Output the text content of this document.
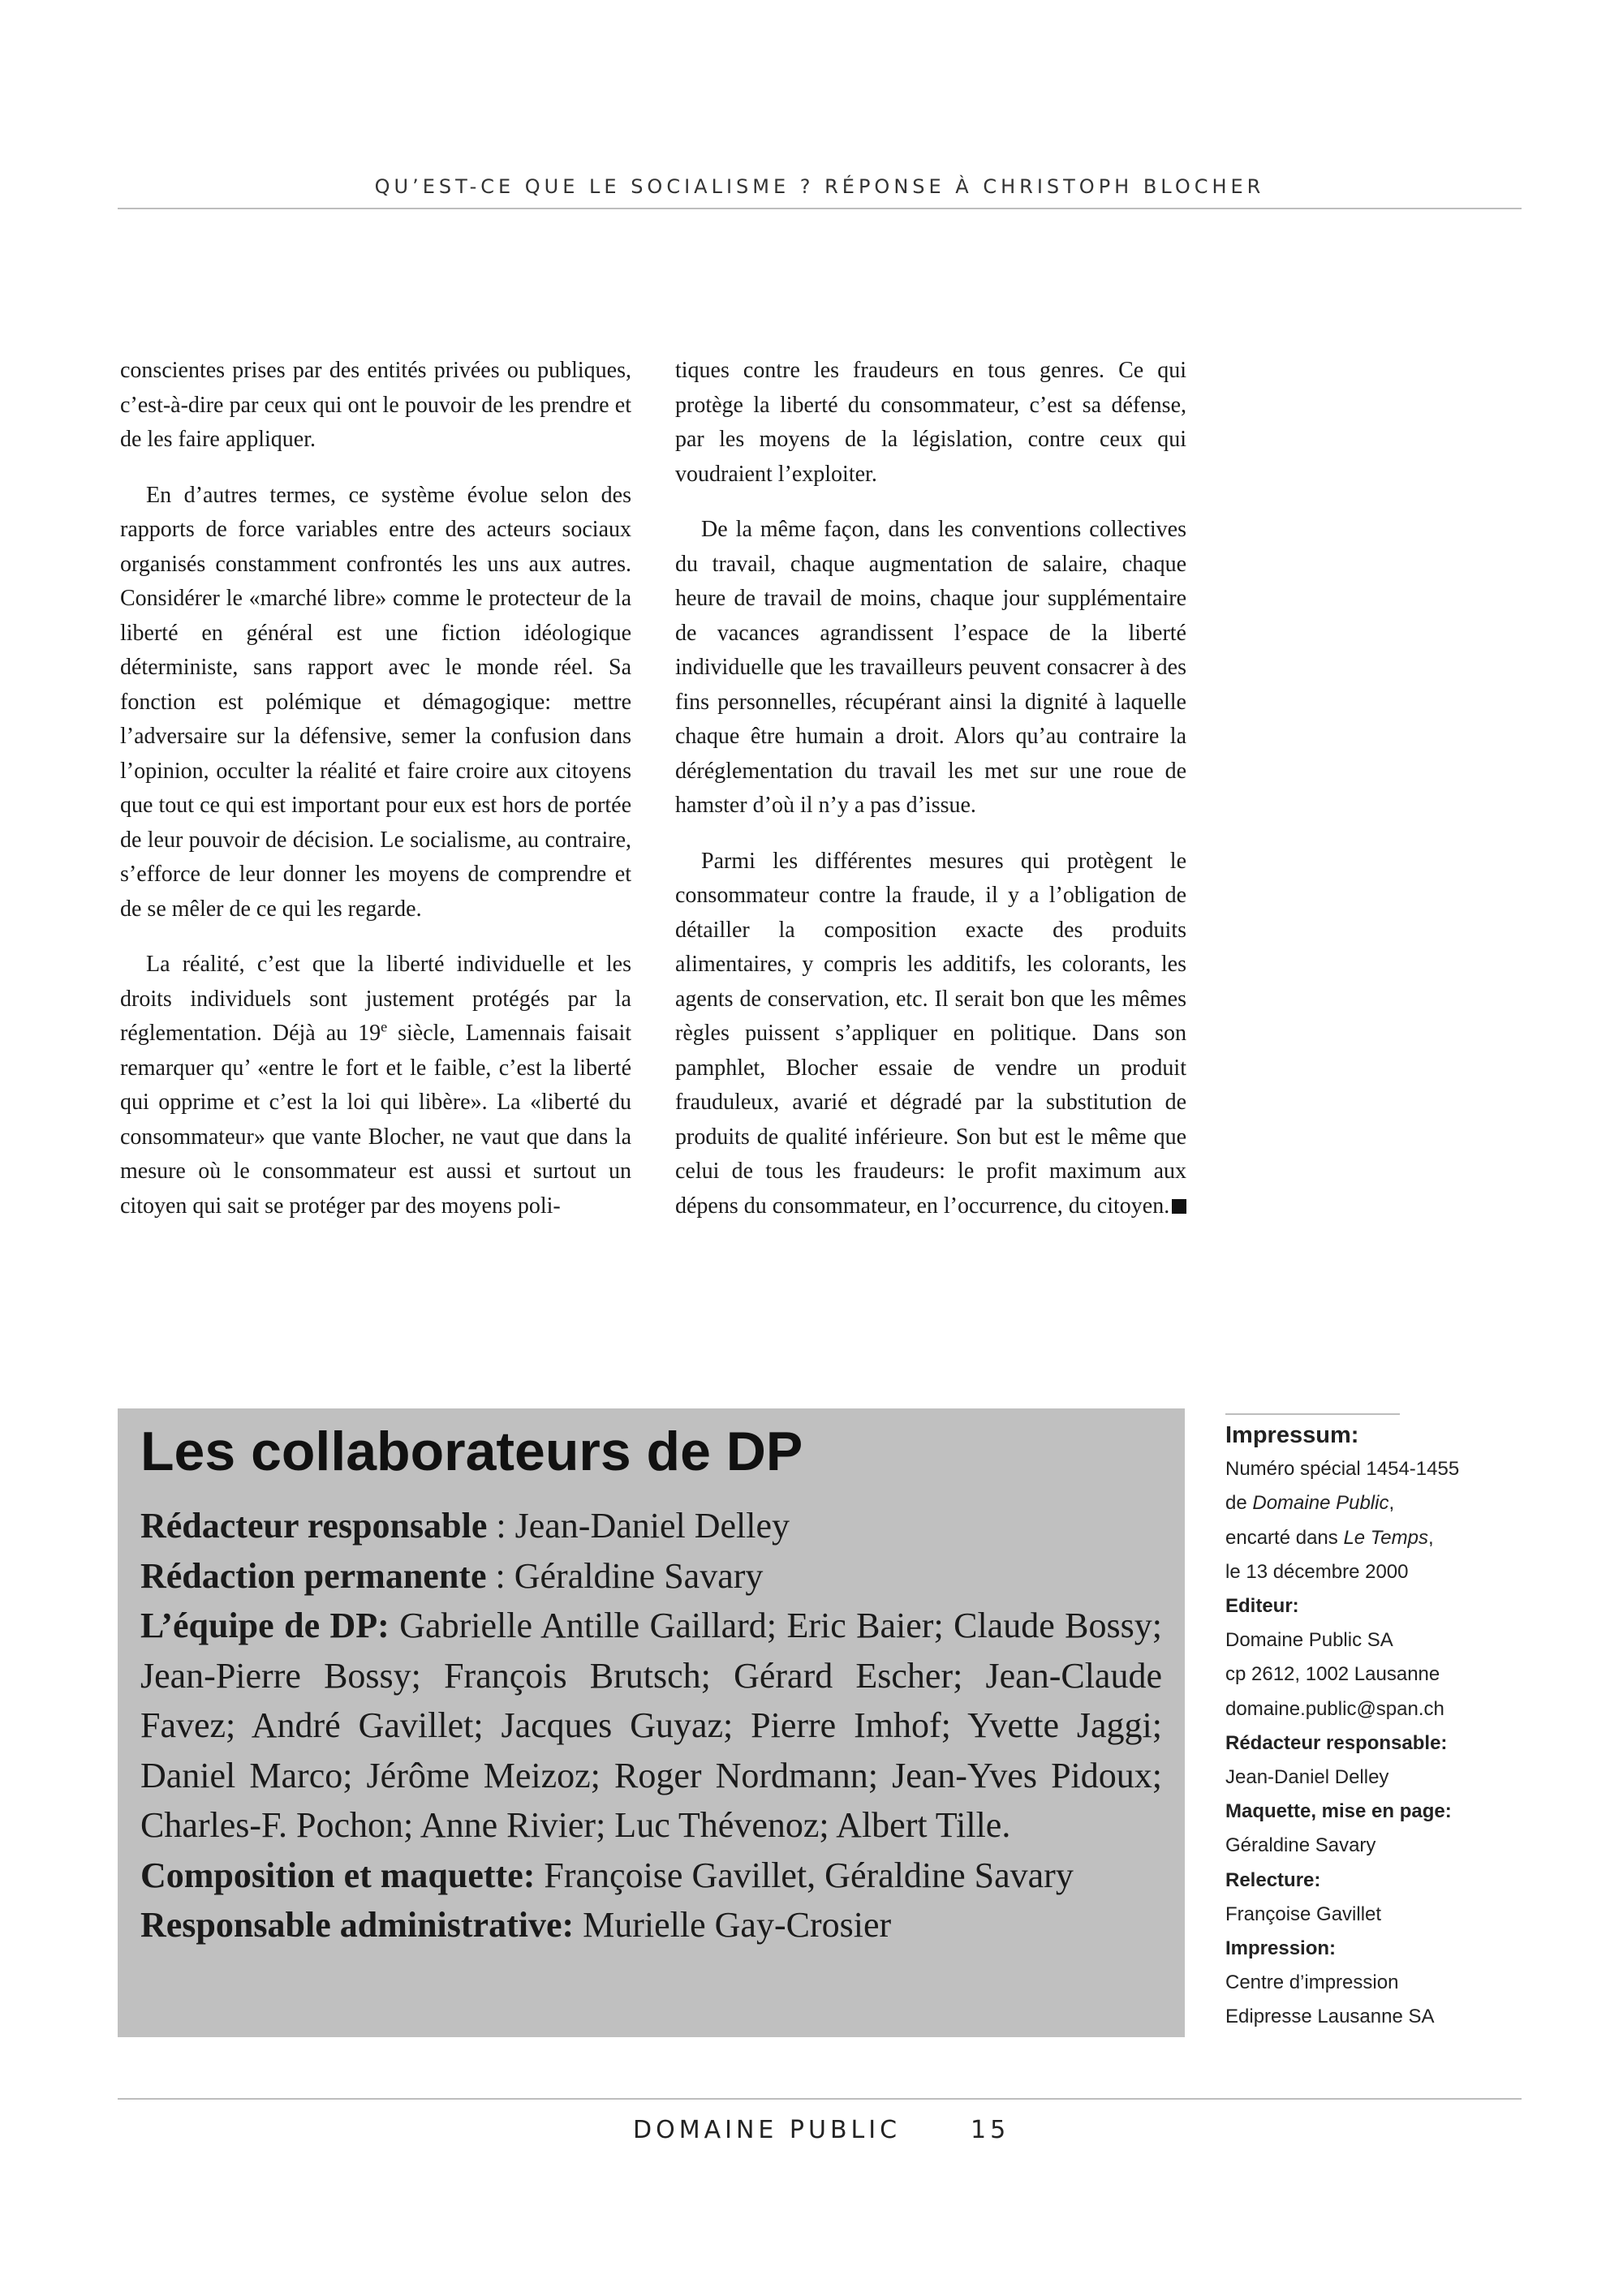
QU’EST-CE QUE LE SOCIALISME ? RÉPONSE À CHRISTOPH BLOCHER

conscientes prises par des entités privées ou publiques, c’est-à-dire par ceux qui ont le pouvoir de les prendre et de les faire appliquer.

En d’autres termes, ce système évolue selon des rapports de force variables entre des acteurs sociaux organisés constamment confrontés les uns aux autres. Considérer le «marché libre» comme le protecteur de la liberté en général est une fiction idéologique déterministe, sans rapport avec le monde réel. Sa fonction est polémique et démagogique: mettre l’adversaire sur la défensive, semer la confusion dans l’opinion, occulter la réalité et faire croire aux citoyens que tout ce qui est important pour eux est hors de portée de leur pouvoir de décision. Le socialisme, au contraire, s’efforce de leur donner les moyens de comprendre et de se mêler de ce qui les regarde.

La réalité, c’est que la liberté individuelle et les droits individuels sont justement protégés par la réglementation. Déjà au 19e siècle, Lamennais faisait remarquer qu’ «entre le fort et le faible, c’est la liberté qui opprime et c’est la loi qui libère». La «liberté du consommateur» que vante Blocher, ne vaut que dans la mesure où le consommateur est aussi et surtout un citoyen qui sait se protéger par des moyens poli-

tiques contre les fraudeurs en tous genres. Ce qui protège la liberté du consommateur, c’est sa défense, par les moyens de la législation, contre ceux qui voudraient l’exploiter.

De la même façon, dans les conventions collectives du travail, chaque augmentation de salaire, chaque heure de travail de moins, chaque jour supplémentaire de vacances agrandissent l’espace de la liberté individuelle que les travailleurs peuvent consacrer à des fins personnelles, récupérant ainsi la dignité à laquelle chaque être humain a droit. Alors qu’au contraire la déréglementation du travail les met sur une roue de hamster d’où il n’y a pas d’issue.

Parmi les différentes mesures qui protègent le consommateur contre la fraude, il y a l’obligation de détailler la composition exacte des produits alimentaires, y compris les additifs, les colorants, les agents de conservation, etc. Il serait bon que les mêmes règles puissent s’appliquer en politique. Dans son pamphlet, Blocher essaie de vendre un produit frauduleux, avarié et dégradé par la substitution de produits de qualité inférieure. Son but est le même que celui de tous les fraudeurs: le profit maximum aux dépens du consommateur, en l’occurrence, du citoyen.

Les collaborateurs de DP
Rédacteur responsable : Jean-Daniel Delley
Rédaction permanente : Géraldine Savary
L’équipe de DP: Gabrielle Antille Gaillard; Eric Baier; Claude Bossy; Jean-Pierre Bossy; François Brutsch; Gérard Escher; Jean-Claude Favez; André Gavillet; Jacques Guyaz; Pierre Imhof; Yvette Jaggi; Daniel Marco; Jérôme Meizoz; Roger Nordmann; Jean-Yves Pidoux; Charles-F. Pochon; Anne Rivier; Luc Thévenoz; Albert Tille.
Composition et maquette: Françoise Gavillet, Géraldine Savary
Responsable administrative: Murielle Gay-Crosier
Impressum:
Numéro spécial 1454-1455
de Domaine Public,
encarté dans Le Temps,
le 13 décembre 2000
Editeur:
Domaine Public SA
cp 2612, 1002 Lausanne
domaine.public@span.ch
Rédacteur responsable:
Jean-Daniel Delley
Maquette, mise en page:
Géraldine Savary
Relecture:
Françoise Gavillet
Impression:
Centre d’impression
Edipresse Lausanne SA
DOMAINE PUBLIC	15
